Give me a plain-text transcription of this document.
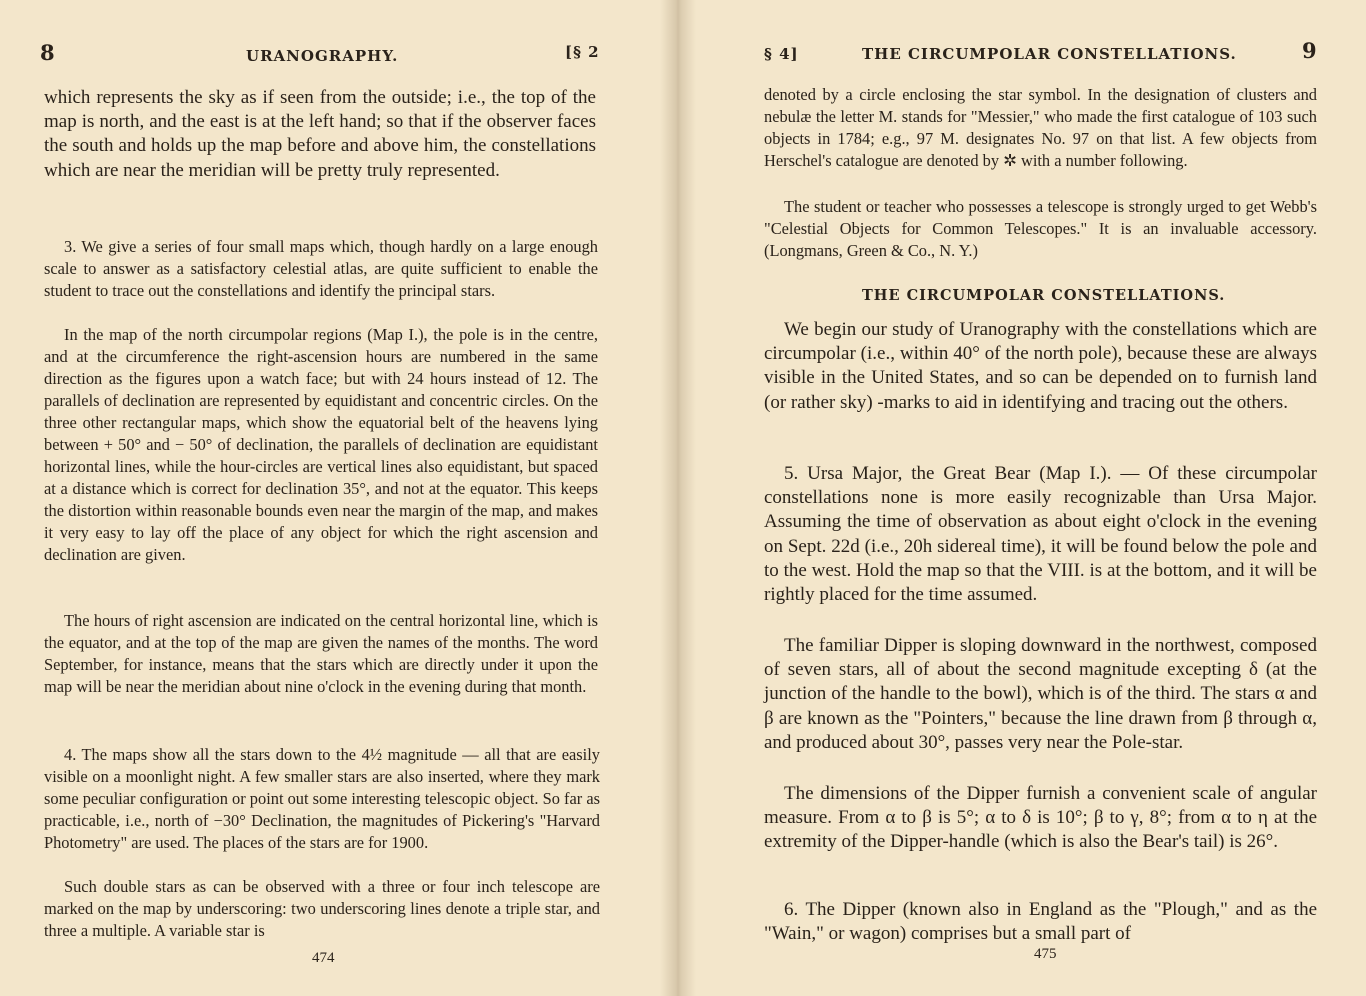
8	URANOGRAPHY.	[§ 2
which represents the sky as if seen from the outside; i.e., the top of the map is north, and the east is at the left hand; so that if the observer faces the south and holds up the map before and above him, the constellations which are near the meridian will be pretty truly represented.
3. We give a series of four small maps which, though hardly on a large enough scale to answer as a satisfactory celestial atlas, are quite sufficient to enable the student to trace out the constellations and identify the principal stars.
In the map of the north circumpolar regions (Map I.), the pole is in the centre, and at the circumference the right-ascension hours are numbered in the same direction as the figures upon a watch face; but with 24 hours instead of 12. The parallels of declination are represented by equidistant and concentric circles. On the three other rectangular maps, which show the equatorial belt of the heavens lying between + 50° and − 50° of declination, the parallels of declination are equidistant horizontal lines, while the hour-circles are vertical lines also equidistant, but spaced at a distance which is correct for declination 35°, and not at the equator. This keeps the distortion within reasonable bounds even near the margin of the map, and makes it very easy to lay off the place of any object for which the right ascension and declination are given.
The hours of right ascension are indicated on the central horizontal line, which is the equator, and at the top of the map are given the names of the months. The word September, for instance, means that the stars which are directly under it upon the map will be near the meridian about nine o'clock in the evening during that month.
4. The maps show all the stars down to the 4½ magnitude — all that are easily visible on a moonlight night. A few smaller stars are also inserted, where they mark some peculiar configuration or point out some interesting telescopic object. So far as practicable, i.e., north of −30° Declination, the magnitudes of Pickering's "Harvard Photometry" are used. The places of the stars are for 1900.
Such double stars as can be observed with a three or four inch telescope are marked on the map by underscoring: two underscoring lines denote a triple star, and three a multiple. A variable star is
474
§ 4]	THE CIRCUMPOLAR CONSTELLATIONS.	9
denoted by a circle enclosing the star symbol. In the designation of clusters and nebulæ the letter M. stands for "Messier," who made the first catalogue of 103 such objects in 1784; e.g., 97 M. designates No. 97 on that list. A few objects from Herschel's catalogue are denoted by ✲ with a number following.
The student or teacher who possesses a telescope is strongly urged to get Webb's "Celestial Objects for Common Telescopes." It is an invaluable accessory. (Longmans, Green & Co., N. Y.)
THE CIRCUMPOLAR CONSTELLATIONS.
We begin our study of Uranography with the constellations which are circumpolar (i.e., within 40° of the north pole), because these are always visible in the United States, and so can be depended on to furnish land (or rather sky) -marks to aid in identifying and tracing out the others.
5. Ursa Major, the Great Bear (Map I.). — Of these circumpolar constellations none is more easily recognizable than Ursa Major. Assuming the time of observation as about eight o'clock in the evening on Sept. 22d (i.e., 20h sidereal time), it will be found below the pole and to the west. Hold the map so that the VIII. is at the bottom, and it will be rightly placed for the time assumed.
The familiar Dipper is sloping downward in the northwest, composed of seven stars, all of about the second magnitude excepting δ (at the junction of the handle to the bowl), which is of the third. The stars α and β are known as the "Pointers," because the line drawn from β through α, and produced about 30°, passes very near the Pole-star.
The dimensions of the Dipper furnish a convenient scale of angular measure. From α to β is 5°; α to δ is 10°; β to γ, 8°; from α to η at the extremity of the Dipper-handle (which is also the Bear's tail) is 26°.
6. The Dipper (known also in England as the "Plough," and as the "Wain," or wagon) comprises but a small part of
475
